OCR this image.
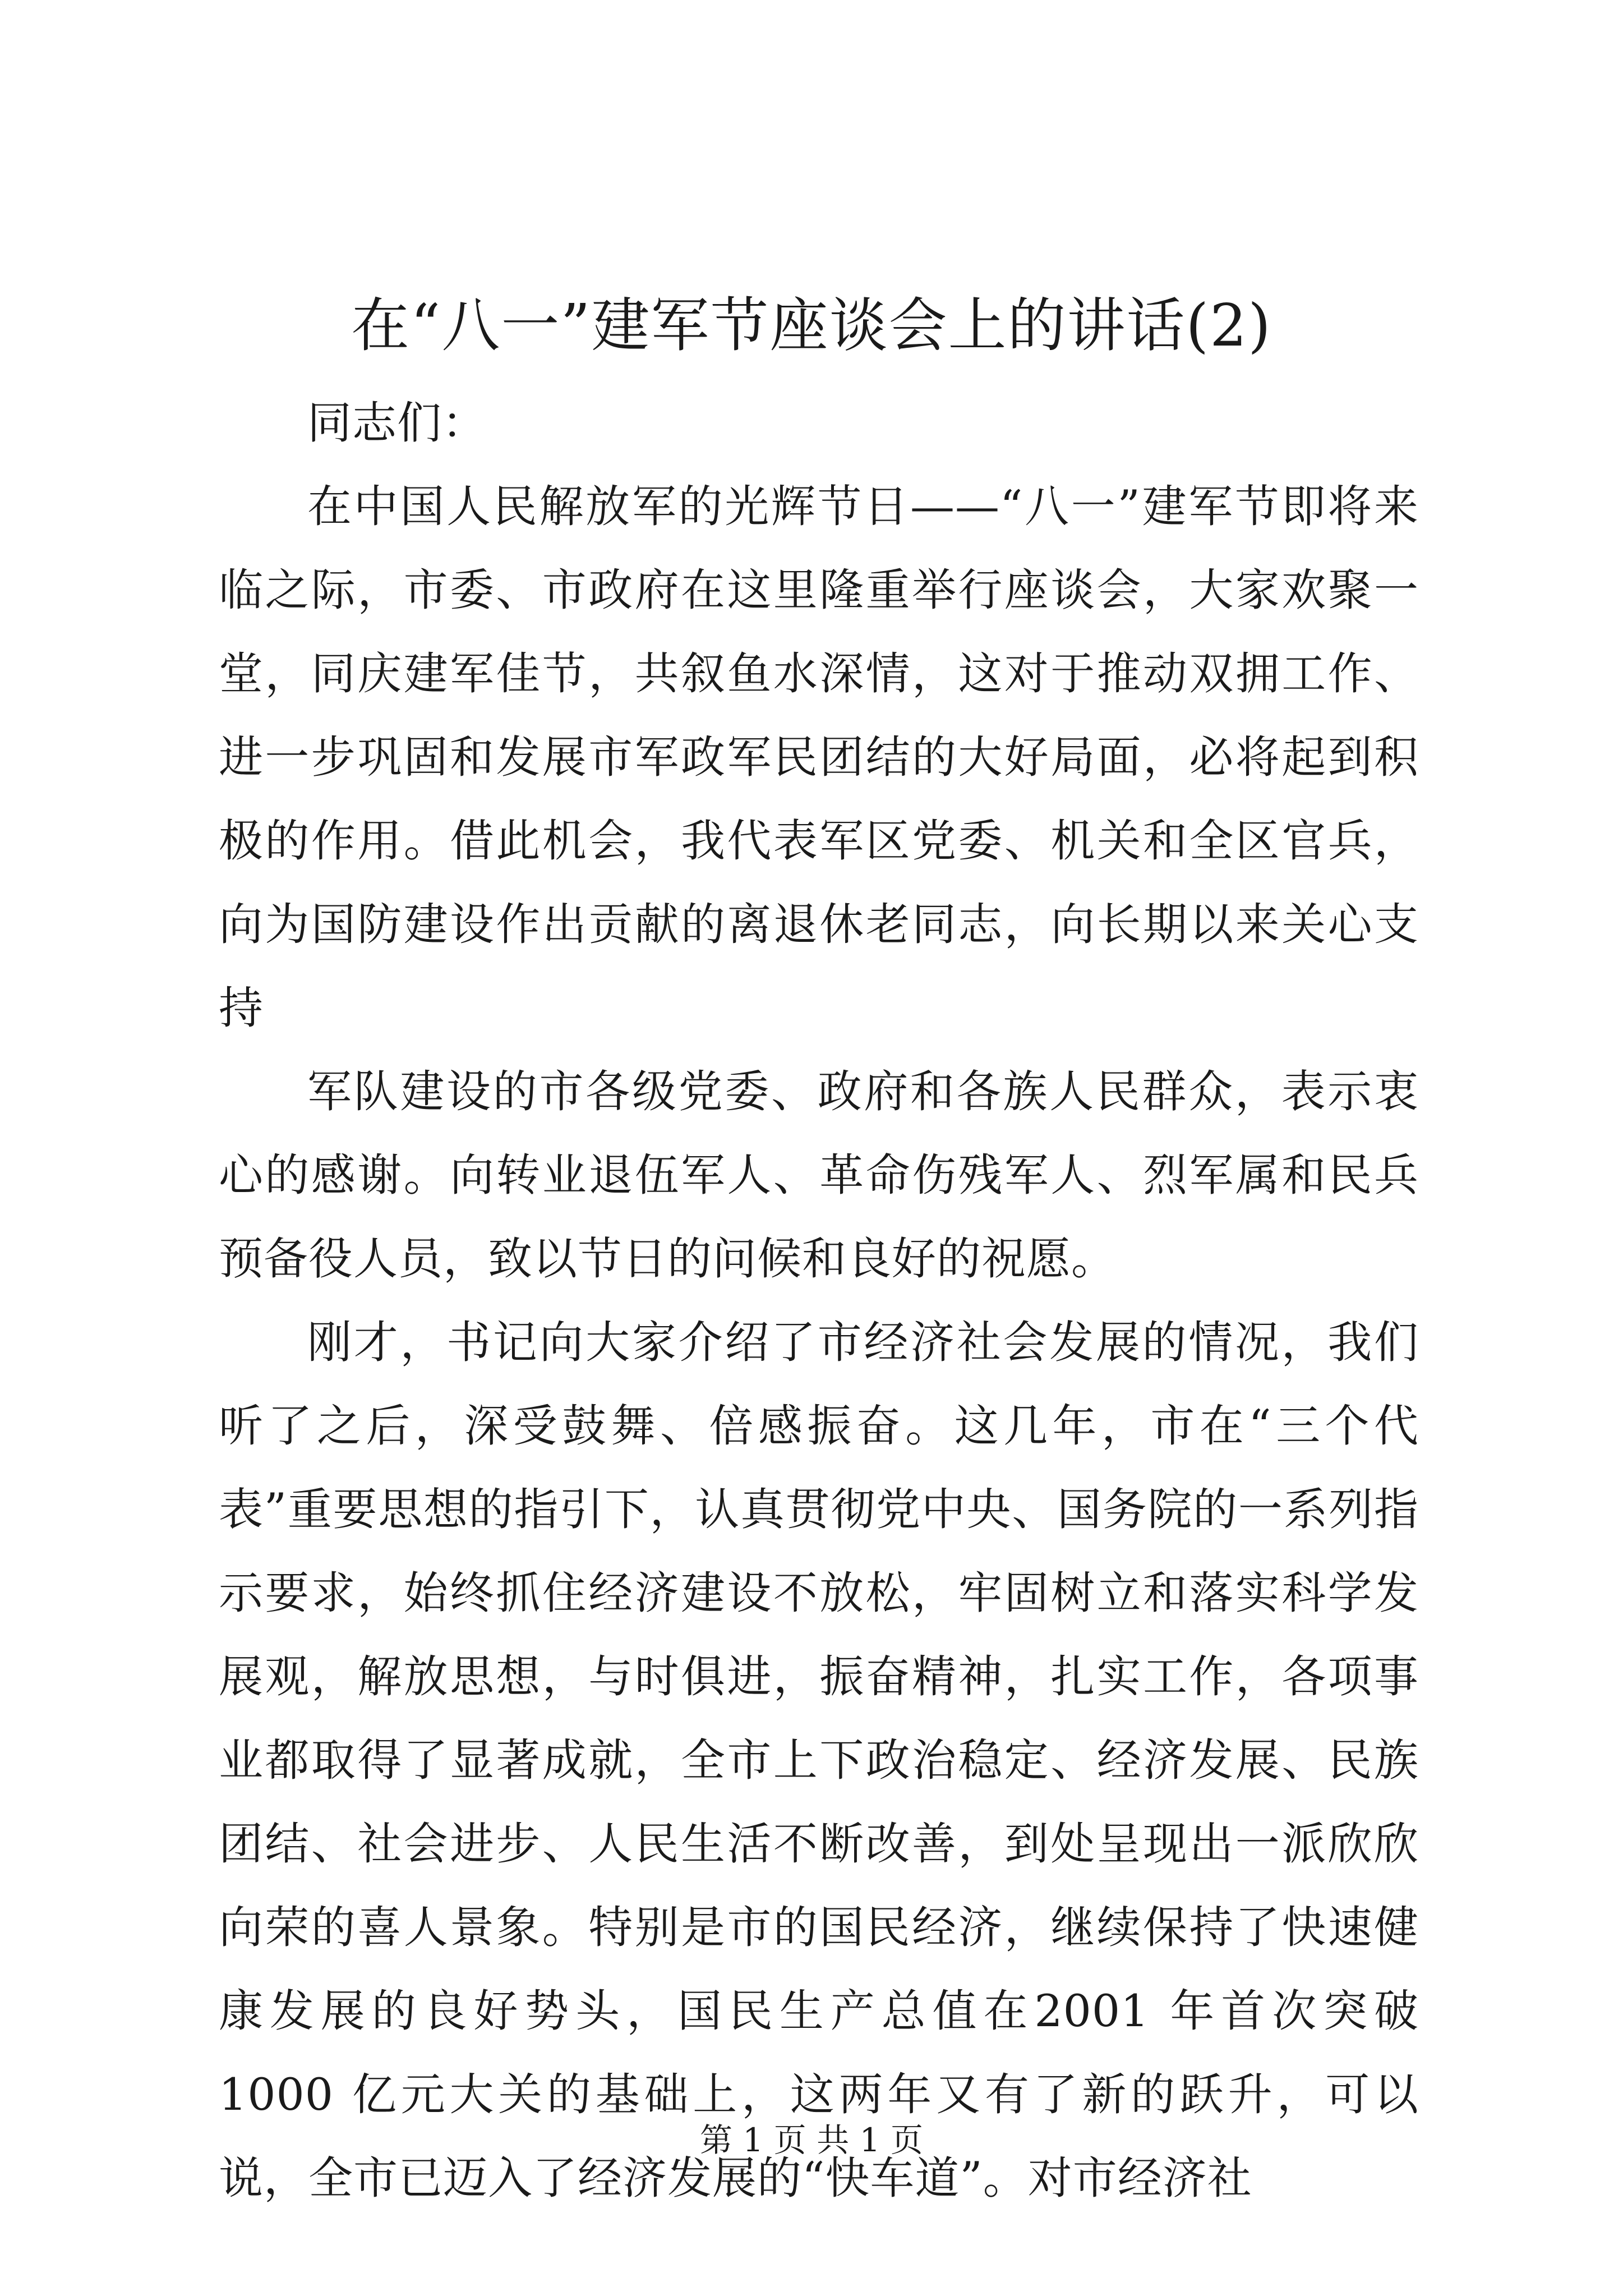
在“八一”建军节座谈会上的讲话(2)

同志们：

在中国人民解放军的光辉节日——“八一”建军节即将来临之际，市委、市政府在这里隆重举行座谈会，大家欢聚一堂，同庆建军佳节，共叙鱼水深情，这对于推动双拥工作、进一步巩固和发展市军政军民团结的大好局面，必将起到积极的作用。借此机会，我代表军区党委、机关和全区官兵，向为国防建设作出贡献的离退休老同志，向长期以来关心支持

军队建设的市各级党委、政府和各族人民群众，表示衷心的感谢。向转业退伍军人、革命伤残军人、烈军属和民兵预备役人员，致以节日的问候和良好的祝愿。

刚才，书记向大家介绍了市经济社会发展的情况，我们听了之后，深受鼓舞、倍感振奋。这几年，市在“三个代表”重要思想的指引下，认真贯彻党中央、国务院的一系列指示要求，始终抓住经济建设不放松，牢固树立和落实科学发展观，解放思想，与时俱进，振奋精神，扎实工作，各项事业都取得了显著成就，全市上下政治稳定、经济发展、民族团结、社会进步、人民生活不断改善，到处呈现出一派欣欣向荣的喜人景象。特别是市的国民经济，继续保持了快速健康发展的良好势头，国民生产总值在2001 年首次突破 1000 亿元大关的基础上，这两年又有了新的跃升，可以说，全市已迈入了经济发展的“快车道”。对市经济社

第 1 页 共 1 页
